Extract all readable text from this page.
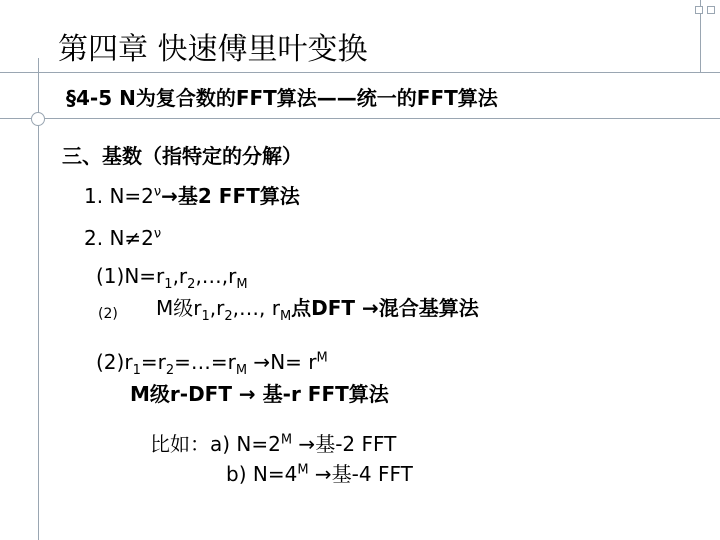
第四章 快速傅里叶变换
§4-5 N为复合数的FFT算法——统一的FFT算法
三、基数（指特定的分解）
1. $N=2^\nu\to$基2 FFT算法
2. $N\ne 2^\nu$
$(1)N=r_1,r_2,\dots,r_M$
(2) M级$r_1,r_2,\dots$, $r_M$点DFT →混合基算法
$(2)r_1=r_2=\dots=r_M \to N= r^M$
M级r-DFT → 基-r FFT算法
比如：a) $N=2^M$ →基-2 FFT
b) $N=4^M$ →基-4 FFT
